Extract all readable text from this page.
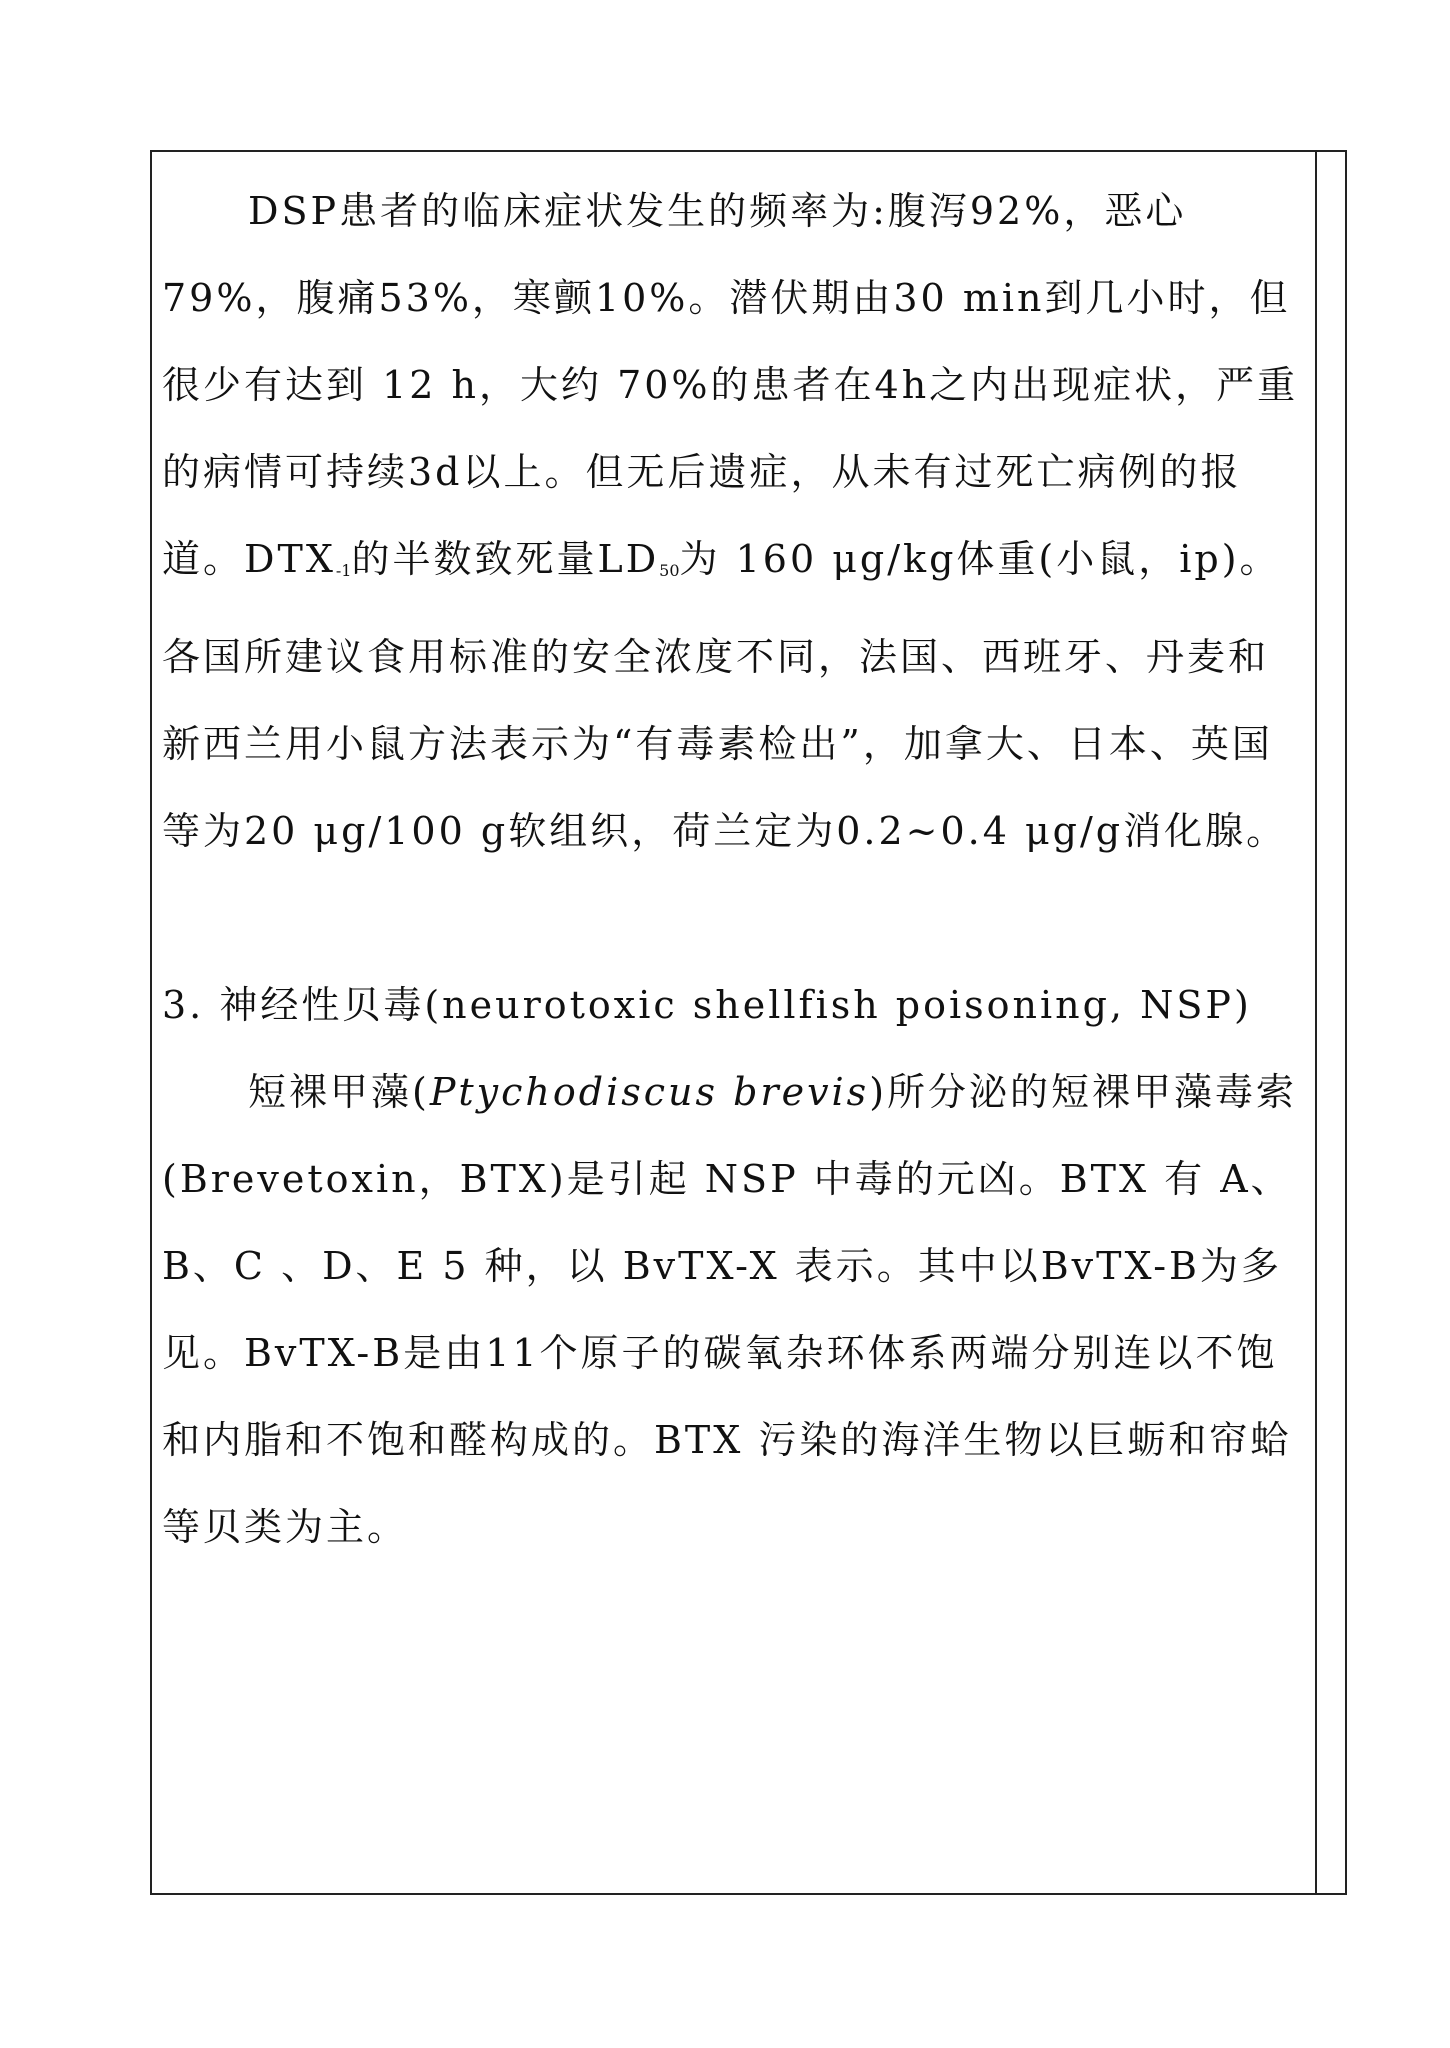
DSP患者的临床症状发生的频率为:腹泻92%，恶心79%，腹痛53%，寒颤10%。潜伏期由30 min到几小时，但很少有达到 12 h，大约 70%的患者在4h之内出现症状，严重的病情可持续3d以上。但无后遗症，从未有过死亡病例的报道。$DTX_{-1}$的半数致死量$LD_{50}$为 160 μg/kg体重(小鼠，ip)。各国所建议食用标准的安全浓度不同，法国、西班牙、丹麦和新西兰用小鼠方法表示为“有毒素检出”，加拿大、日本、英国等为20 μg/100 g软组织，荷兰定为0.2~0.4 μg/g消化腺。

3. 神经性贝毒(neurotoxic shellfish poisoning, NSP)

短裸甲藻(Ptychodiscus brevis)所分泌的短裸甲藻毒索(Brevetoxin，BTX)是引起 NSP 中毒的元凶。BTX 有 A、B、C 、D、E 5 种，以 BvTX-X 表示。其中以BvTX-B为多见。BvTX-B是由11个原子的碳氧杂环体系两端分别连以不饱和内脂和不饱和醛构成的。BTX 污染的海洋生物以巨蛎和帘蛤等贝类为主。
